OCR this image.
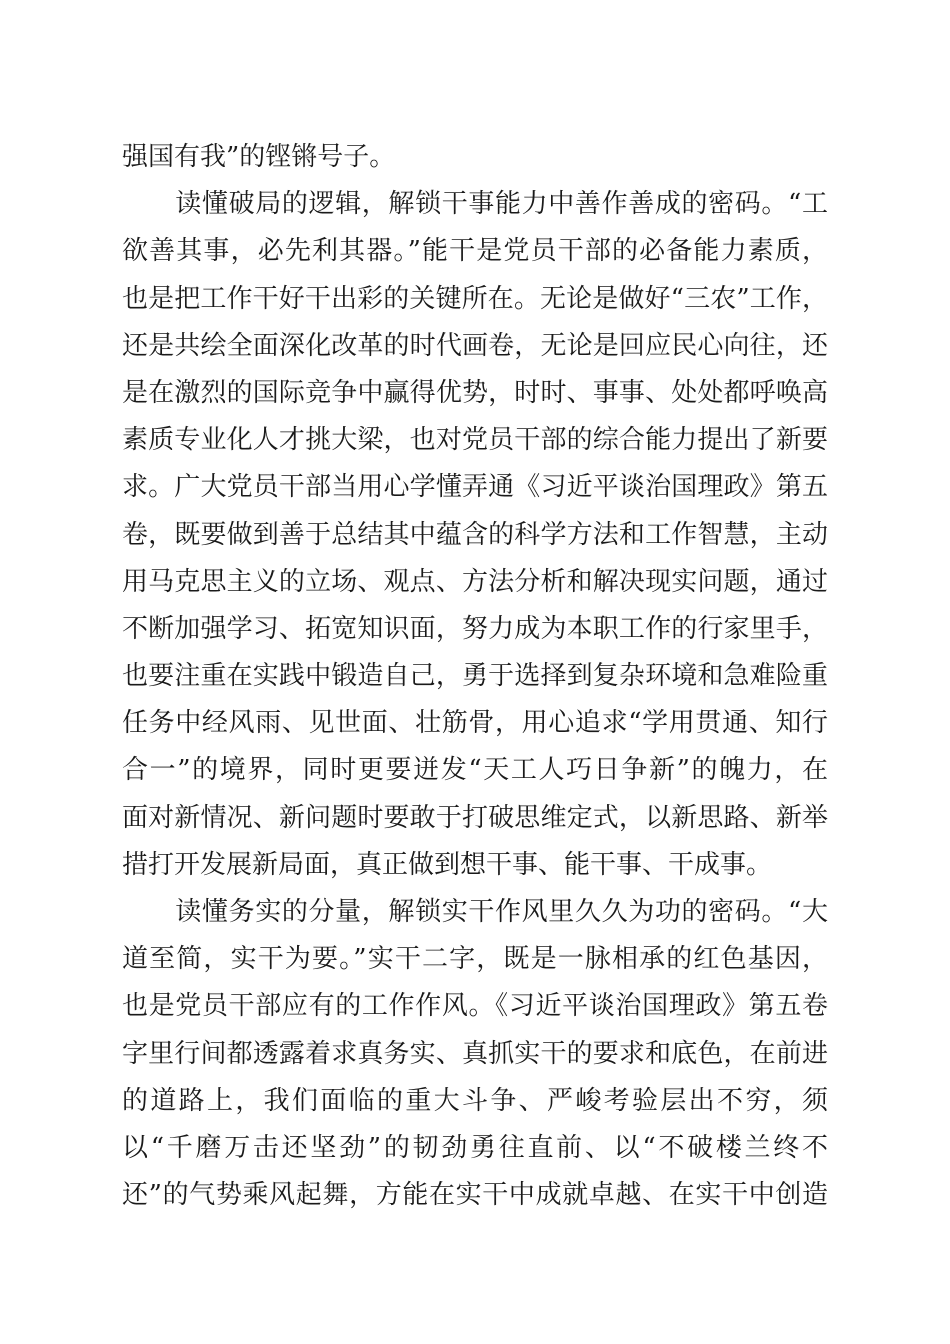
强国有我”的铿锵号子。
　　读懂破局的逻辑，解锁干事能力中善作善成的密码。“工
欲善其事，必先利其器。”能干是党员干部的必备能力素质，
也是把工作干好干出彩的关键所在。无论是做好“三农”工作，
还是共绘全面深化改革的时代画卷，无论是回应民心向往，还
是在激烈的国际竞争中赢得优势，时时、事事、处处都呼唤高
素质专业化人才挑大梁，也对党员干部的综合能力提出了新要
求。广大党员干部当用心学懂弄通《习近平谈治国理政》第五
卷，既要做到善于总结其中蕴含的科学方法和工作智慧，主动
用马克思主义的立场、观点、方法分析和解决现实问题，通过
不断加强学习、拓宽知识面，努力成为本职工作的行家里手，
也要注重在实践中锻造自己，勇于选择到复杂环境和急难险重
任务中经风雨、见世面、壮筋骨，用心追求“学用贯通、知行
合一”的境界，同时更要迸发“天工人巧日争新”的魄力，在
面对新情况、新问题时要敢于打破思维定式，以新思路、新举
措打开发展新局面，真正做到想干事、能干事、干成事。
　　读懂务实的分量，解锁实干作风里久久为功的密码。“大
道至简，实干为要。”实干二字，既是一脉相承的红色基因，
也是党员干部应有的工作作风。《习近平谈治国理政》第五卷
字里行间都透露着求真务实、真抓实干的要求和底色，在前进
的道路上，我们面临的重大斗争、严峻考验层出不穷，须
以“千磨万击还坚劲”的韧劲勇往直前、以“不破楼兰终不
还”的气势乘风起舞，方能在实干中成就卓越、在实干中创造
